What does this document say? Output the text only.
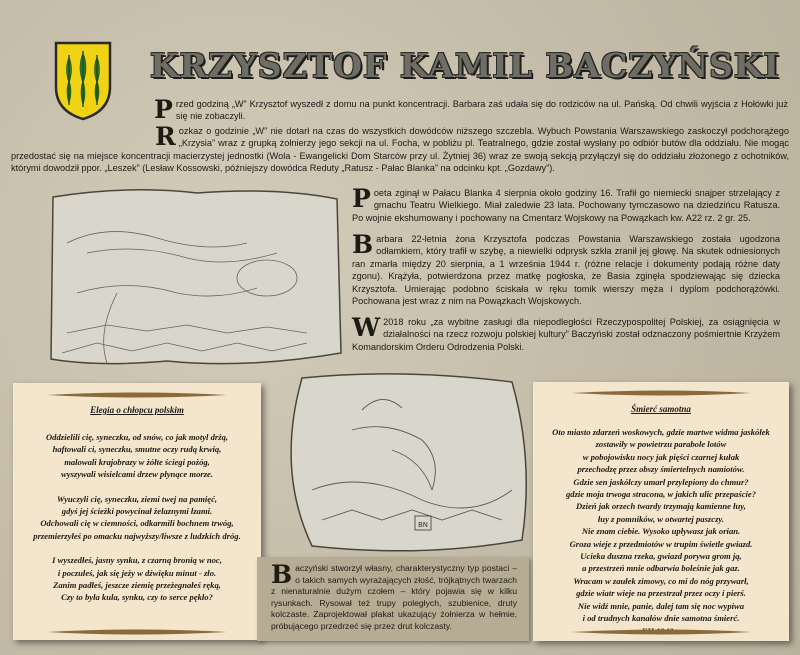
KRZYSZTOF KAMIL BACZYŃSKI

Przed godziną „W” Krzysztof wyszedł z domu na punkt koncentracji. Barbara zaś udała się do rodziców na ul. Pańską. Od chwili wyjścia z Hołówki już się nie zobaczyli.

Rozkaz o godzinie „W” nie dotarł na czas do wszystkich dowódców niższego szczebla. Wybuch Powstania Warszawskiego zaskoczył podchorążego „Krzysia” wraz z grupką żołnierzy jego sekcji na ul. Focha, w pobliżu pl. Teatralnego, gdzie został wysłany po odbiór butów dla oddziału. Nie mogąc przedostać się na miejsce koncentracji macierzystej jednostki (Wola - Ewangelicki Dom Starców przy ul. Żytniej 36) wraz ze swoją sekcją przyłączył się do oddziału złożonego z ochotników, którymi dowodził ppor. „Leszek” (Lesław Kossowski, późniejszy dowódca Reduty „Ratusz - Pałac Blanka” na odcinku kpt. „Gozdawy”).

Poeta zginął w Pałacu Blanka 4 sierpnia około godziny 16. Trafił go niemiecki snajper strzelający z gmachu Teatru Wielkiego. Miał zaledwie 23 lata. Pochowany tymczasowo na dziedzińcu Ratusza. Po wojnie ekshumowany i pochowany na Cmentarz Wojskowy na Powązkach kw. A22 rz. 2 gr. 25.

Barbara 22-letnia żona Krzysztofa podczas Powstania Warszawskiego została ugodzona odłamkiem, który trafił w szybę, a niewielki odprysk szkła zranił jej głowę. Na skutek odniesionych ran zmarła między 20 sierpnia, a 1 września 1944 r. (różne relacje i dokumenty podają różne daty zgonu). Krążyła, potwierdzona przez matkę pogłoska, że Basia zginęła spodziewając się dziecka Krzysztofa. Umierając podobno ściskała w ręku tomik wierszy męża i dyplom podchorążówki. Pochowana jest wraz z nim na Powązkach Wojskowych.

W 2018 roku „za wybitne zasługi dla niepodległości Rzeczypospolitej Polskiej, za osiągnięcia w działalności na rzecz rozwoju polskiej kultury” Baczyński został odznaczony pośmiertnie Krzyżem Komandorskim Orderu Odrodzenia Polski.

Elegia o chłopcu polskim
Oddzielili cię, syneczku, od snów, co jak motyl drżą,
haftowali ci, syneczku, smutne oczy rudą krwią,
malowali krajobrazy w żółte ściegi pożóg,
wyszywali wisielcami drzew płynące morze.
Wyuczyli cię, syneczku, ziemi twej na pamięć,
gdyś jej ścieżki powycinał żelaznymi łzami.
Odchowali cię w ciemności, odkarmili bochnem trwóg,
przemierzyłeś po omacku najwyższy/liwsze z ludzkich dróg.
I wyszedłeś, jasny synku, z czarną bronią w noc,
i poczułeś, jak się jeży w dźwięku minut - zło.
Zanim padłeś, jeszcze ziemię przeżegnałeś ręką,
Czy to była kula, synku, czy to serce pękło?
BN

Baczyński stworzył własny, charakterystyczny typ postaci – o takich samych wyrażających złość, trójkątnych twarzach z nienaturalnie dużym czołem – który pojawia się w kilku rysunkach. Rysował też trupy poległych, szubienice, druty kolczaste. Zaprojektował plakat ukazujący żołnierza w hełmie, próbującego przedrzeć się przez drut kolczasty.

Śmierć samotna
Oto miasto zdarzeń woskowych, gdzie martwe widma jaskółek
zostawiły w powietrzu parabole lotów
w pobojowisku nocy jak pięści czarnej kułak
przechodzę przez obszy śmiertelnych namiotów.
Gdzie sen jaskółczy umarł przylepiony do chmur?
gdzie moja trwoga stracona, w jakich ulic przepaście?
Dzień jak orzech twardy trzymają kamienne łuy,
łuy z pomników, w otwartej paszczy.
Nie znam ciebie. Wysoko upływasz jak orian.
Groza wieje z przedmiotów w trupim świetle gwiazd.
Ucieka duszna rzeka, gwiazd porywa grom ją,
a przestrzeń mnie odbarwia boleśnie jak gaz.
Wracam w zaułek zimowy, co mi do nóg przywarł,
gdzie wiatr wieje na przestrzał przez oczy i pierś.
Nie widź mnie, panie, dalej tam się noc wypiwa
i od trudnych kanałów dnie samotna śmierć.
